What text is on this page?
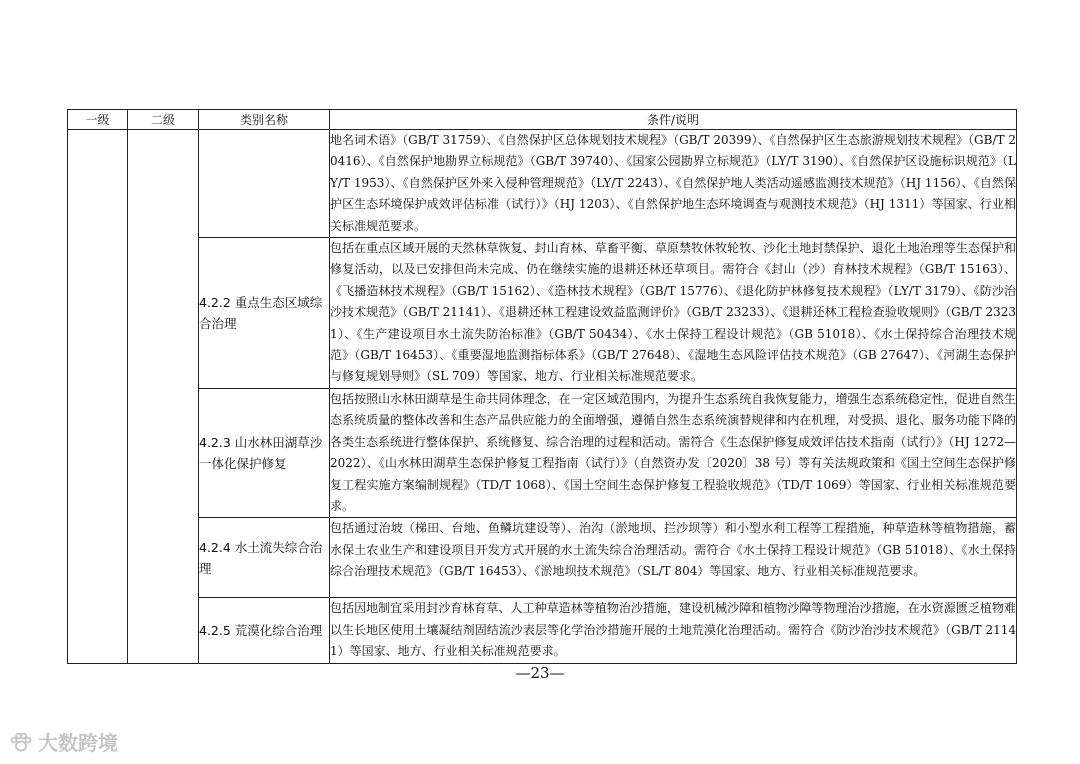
一级	二级	类别名称	条件/说明
			地名词术语》（GB/T 31759）、《自然保护区总体规划技术规程》（GB/T 20399）、《自然保护区生态旅游规划技术规程》（GB/T 20416）、《自然保护地勘界立标规范》（GB/T 39740）、《国家公园勘界立标规范》（LY/T 3190）、《自然保护区设施标识规范》（LY/T 1953）、《自然保护区外来入侵种管理规范》（LY/T 2243）、《自然保护地人类活动遥感监测技术规范》（HJ 1156）、《自然保护区生态环境保护成效评估标准（试行）》（HJ 1203）、《自然保护地生态环境调查与观测技术规范》（HJ 1311）等国家、行业相关标准规范要求。
		4.2.2 重点生态区域综合治理	包括在重点区域开展的天然林草恢复、封山育林、草畜平衡、草原禁牧休牧轮牧、沙化土地封禁保护、退化土地治理等生态保护和修复活动，以及已安排但尚未完成、仍在继续实施的退耕还林还草项目。需符合《封山（沙）育林技术规程》（GB/T 15163）、《飞播造林技术规程》（GB/T 15162）、《造林技术规程》（GB/T 15776）、《退化防护林修复技术规程》（LY/T 3179）、《防沙治沙技术规范》（GB/T 21141）、《退耕还林工程建设效益监测评价》（GB/T 23233）、《退耕还林工程检查验收规则》（GB/T 23231）、《生产建设项目水土流失防治标准》（GB/T 50434）、《水土保持工程设计规范》（GB 51018）、《水土保持综合治理技术规范》（GB/T 16453）、《重要湿地监测指标体系》（GB/T 27648）、《湿地生态风险评估技术规范》（GB 27647）、《河湖生态保护与修复规划导则》（SL 709）等国家、地方、行业相关标准规范要求。
		4.2.3 山水林田湖草沙一体化保护修复	包括按照山水林田湖草是生命共同体理念，在一定区域范围内，为提升生态系统自我恢复能力，增强生态系统稳定性，促进自然生态系统质量的整体改善和生态产品供应能力的全面增强，遵循自然生态系统演替规律和内在机理，对受损、退化、服务功能下降的各类生态系统进行整体保护、系统修复、综合治理的过程和活动。需符合《生态保护修复成效评估技术指南（试行）》（HJ 1272—2022）、《山水林田湖草生态保护修复工程指南（试行）》（自然资办发〔2020〕38 号）等有关法规政策和《国土空间生态保护修复工程实施方案编制规程》（TD/T 1068）、《国土空间生态保护修复工程验收规范》（TD/T 1069）等国家、行业相关标准规范要求。
		4.2.4 水土流失综合治理	包括通过治坡（梯田、台地、鱼鳞坑建设等）、治沟（淤地坝、拦沙坝等）和小型水利工程等工程措施，种草造林等植物措施，蓄水保土农业生产和建设项目开发方式开展的水土流失综合治理活动。需符合《水土保持工程设计规范》（GB 51018）、《水土保持综合治理技术规范》（GB/T 16453）、《淤地坝技术规范》（SL/T 804）等国家、地方、行业相关标准规范要求。
		4.2.5 荒漠化综合治理	包括因地制宜采用封沙育林育草、人工种草造林等植物治沙措施，建设机械沙障和植物沙障等物理治沙措施，在水资源匮乏植物难以生长地区使用土壤凝结剂固结流沙表层等化学治沙措施开展的土地荒漠化治理活动。需符合《防沙治沙技术规范》（GB/T 21141）等国家、地方、行业相关标准规范要求。
—23—
大数跨境
